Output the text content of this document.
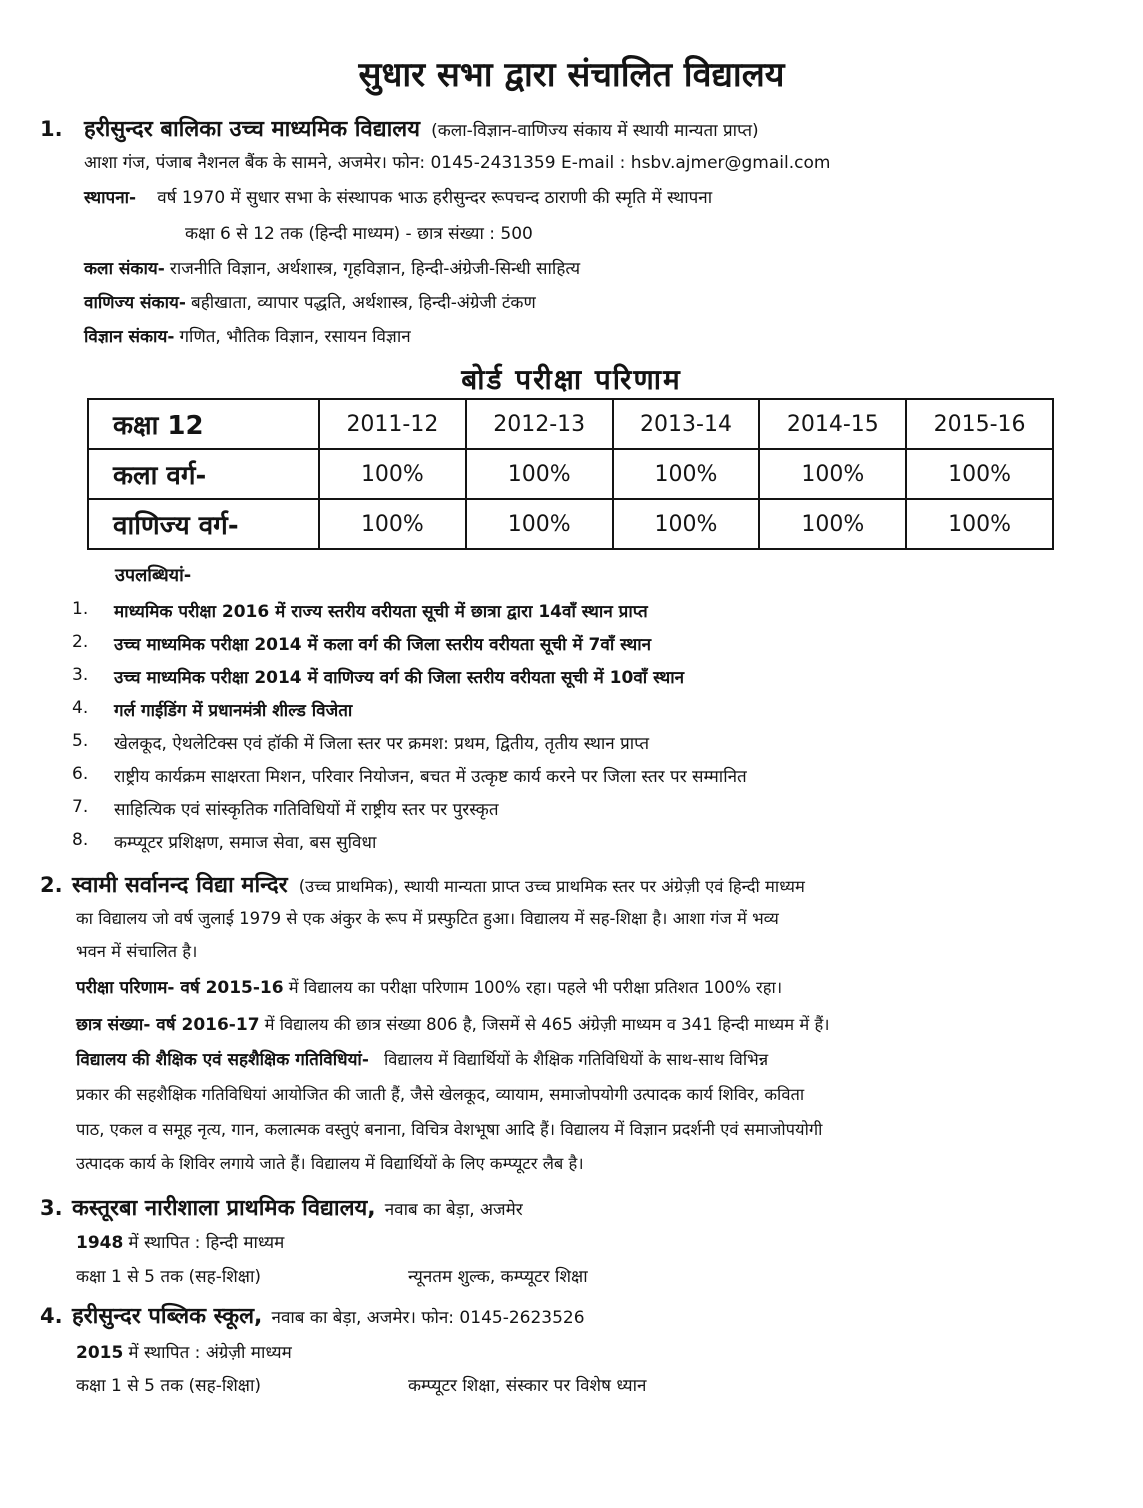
सुधार सभा द्वारा संचालित विद्यालय
1. हरीसुन्दर बालिका उच्च माध्यमिक विद्यालय (कला-विज्ञान-वाणिज्य संकाय में स्थायी मान्यता प्राप्त)
आशा गंज, पंजाब नैशनल बैंक के सामने, अजमेर। फोन: 0145-2431359 E-mail : hsbv.ajmer@gmail.com
स्थापना- वर्ष 1970 में सुधार सभा के संस्थापक भाऊ हरीसुन्दर रूपचन्द ठाराणी की स्मृति में स्थापना
कक्षा 6 से 12 तक (हिन्दी माध्यम) - छात्र संख्या : 500
कला संकाय- राजनीति विज्ञान, अर्थशास्त्र, गृहविज्ञान, हिन्दी-अंग्रेजी-सिन्धी साहित्य
वाणिज्य संकाय- बहीखाता, व्यापार पद्धति, अर्थशास्त्र, हिन्दी-अंग्रेजी टंकण
विज्ञान संकाय- गणित, भौतिक विज्ञान, रसायन विज्ञान
बोर्ड परीक्षा परिणाम
कक्षा 12	2011-12	2012-13	2013-14	2014-15	2015-16
कला वर्ग-	100%	100%	100%	100%	100%
वाणिज्य वर्ग-	100%	100%	100%	100%	100%
उपलब्धियां-
1. माध्यमिक परीक्षा 2016 में राज्य स्तरीय वरीयता सूची में छात्रा द्वारा 14वाँ स्थान प्राप्त
2. उच्च माध्यमिक परीक्षा 2014 में कला वर्ग की जिला स्तरीय वरीयता सूची में 7वाँ स्थान
3. उच्च माध्यमिक परीक्षा 2014 में वाणिज्य वर्ग की जिला स्तरीय वरीयता सूची में 10वाँ स्थान
4. गर्ल गाईडिंग में प्रधानमंत्री शील्ड विजेता
5. खेलकूद, ऐथलेटिक्स एवं हॉकी में जिला स्तर पर क्रमश: प्रथम, द्वितीय, तृतीय स्थान प्राप्त
6. राष्ट्रीय कार्यक्रम साक्षरता मिशन, परिवार नियोजन, बचत में उत्कृष्ट कार्य करने पर जिला स्तर पर सम्मानित
7. साहित्यिक एवं सांस्कृतिक गतिविधियों में राष्ट्रीय स्तर पर पुरस्कृत
8. कम्प्यूटर प्रशिक्षण, समाज सेवा, बस सुविधा
2. स्वामी सर्वानन्द विद्या मन्दिर (उच्च प्राथमिक), स्थायी मान्यता प्राप्त उच्च प्राथमिक स्तर पर अंग्रेज़ी एवं हिन्दी माध्यम
का विद्यालय जो वर्ष जुलाई 1979 से एक अंकुर के रूप में प्रस्फुटित हुआ। विद्यालय में सह-शिक्षा है। आशा गंज में भव्य
भवन में संचालित है।
परीक्षा परिणाम- वर्ष 2015-16 में विद्यालय का परीक्षा परिणाम 100% रहा। पहले भी परीक्षा प्रतिशत 100% रहा।
छात्र संख्या- वर्ष 2016-17 में विद्यालय की छात्र संख्या 806 है, जिसमें से 465 अंग्रेज़ी माध्यम व 341 हिन्दी माध्यम में हैं।
विद्यालय की शैक्षिक एवं सहशैक्षिक गतिविधियां- विद्यालय में विद्यार्थियों के शैक्षिक गतिविधियों के साथ-साथ विभिन्न
प्रकार की सहशैक्षिक गतिविधियां आयोजित की जाती हैं, जैसे खेलकूद, व्यायाम, समाजोपयोगी उत्पादक कार्य शिविर, कविता
पाठ, एकल व समूह नृत्य, गान, कलात्मक वस्तुएं बनाना, विचित्र वेशभूषा आदि हैं। विद्यालय में विज्ञान प्रदर्शनी एवं समाजोपयोगी
उत्पादक कार्य के शिविर लगाये जाते हैं। विद्यालय में विद्यार्थियों के लिए कम्प्यूटर लैब है।
3. कस्तूरबा नारीशाला प्राथमिक विद्यालय, नवाब का बेड़ा, अजमेर
1948 में स्थापित : हिन्दी माध्यम
कक्षा 1 से 5 तक (सह-शिक्षा)	न्यूनतम शुल्क, कम्प्यूटर शिक्षा
4. हरीसुन्दर पब्लिक स्कूल, नवाब का बेड़ा, अजमेर। फोन: 0145-2623526
2015 में स्थापित : अंग्रेज़ी माध्यम
कक्षा 1 से 5 तक (सह-शिक्षा)	कम्प्यूटर शिक्षा, संस्कार पर विशेष ध्यान
